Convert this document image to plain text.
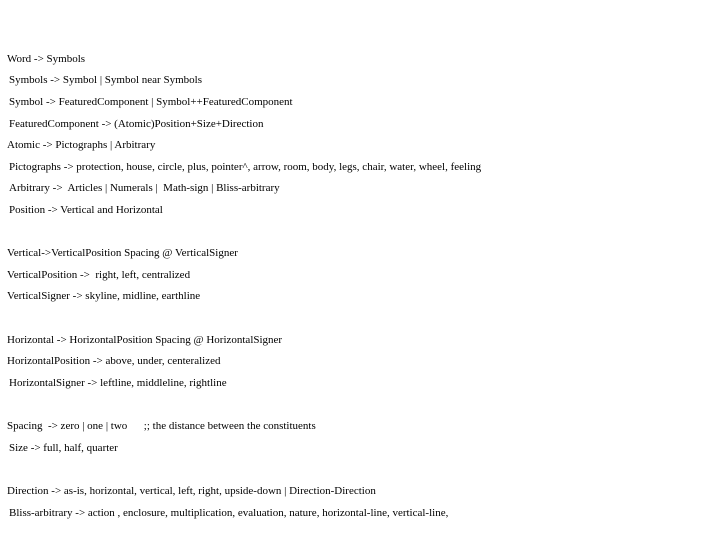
Word -> Symbols
Symbols -> Symbol | Symbol near Symbols
Symbol -> FeaturedComponent | Symbol++FeaturedComponent
FeaturedComponent -> (Atomic)Position+Size+Direction
Atomic -> Pictographs | Arbitrary
Pictographs -> protection, house, circle, plus, pointer^, arrow, room, body, legs, chair, water, wheel, feeling
Arbitrary ->  Articles | Numerals |  Math-sign | Bliss-arbitrary
Position -> Vertical and Horizontal
Vertical->VerticalPosition Spacing @ VerticalSigner
VerticalPosition ->  right, left, centralized
VerticalSigner -> skyline, midline, earthline
Horizontal -> HorizontalPosition Spacing @ HorizontalSigner
HorizontalPosition -> above, under, centeralized
HorizontalSigner -> leftline, middleline, rightline
Spacing  -> zero | one | two      ;; the distance between the constituents
Size -> full, half, quarter
Direction -> as-is, horizontal, vertical, left, right, upside-down | Direction-Direction
Bliss-arbitrary -> action , enclosure, multiplication, evaluation, nature, horizontal-line, vertical-line,
